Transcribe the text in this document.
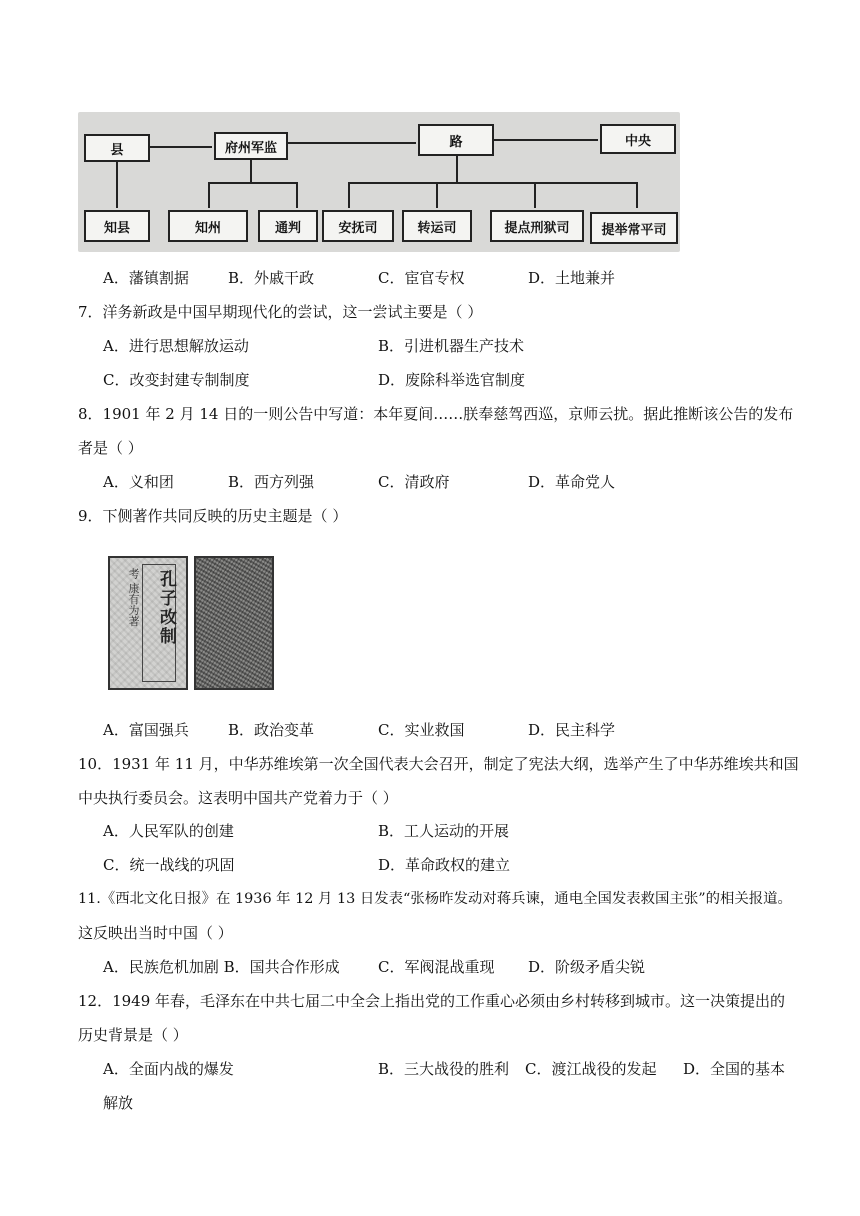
县	府州军监	路	中央
知县	知州	通判	安抚司	转运司	提点刑狱司	提举常平司
A．藩镇割据	B．外戚干政	C．宦官专权	D．土地兼并
7．洋务新政是中国早期现代化的尝试，这一尝试主要是（ ）
A．进行思想解放运动	B．引进机器生产技术
C．改变封建专制制度	D．废除科举选官制度
8．1901 年 2 月 14 日的一则公告中写道：本年夏间……朕奉慈驾西巡，京师云扰。据此推断该公告的发布
者是（ ）
A．义和团	B．西方列强	C．清政府	D．革命党人
9．下侧著作共同反映的历史主题是（ ）
孔子改制
考 康有为著
A．富国强兵	B．政治变革	C．实业救国	D．民主科学
10．1931 年 11 月，中华苏维埃第一次全国代表大会召开，制定了宪法大纲，选举产生了中华苏维埃共和国
中央执行委员会。这表明中国共产党着力于（ ）
A．人民军队的创建	B．工人运动的开展
C．统一战线的巩固	D．革命政权的建立
11.《西北文化日报》在 1936 年 12 月 13 日发表“张杨昨发动对蒋兵谏，通电全国发表救国主张”的相关报道。
这反映出当时中国（ ）
A．民族危机加剧 B．国共合作形成	C．军阀混战重现 D．阶级矛盾尖锐
12．1949 年春，毛泽东在中共七届二中全会上指出党的工作重心必须由乡村转移到城市。这一决策提出的
历史背景是（ ）
A．全面内战的爆发	B．三大战役的胜利 C．渡江战役的发起 D．全国的基本
解放
